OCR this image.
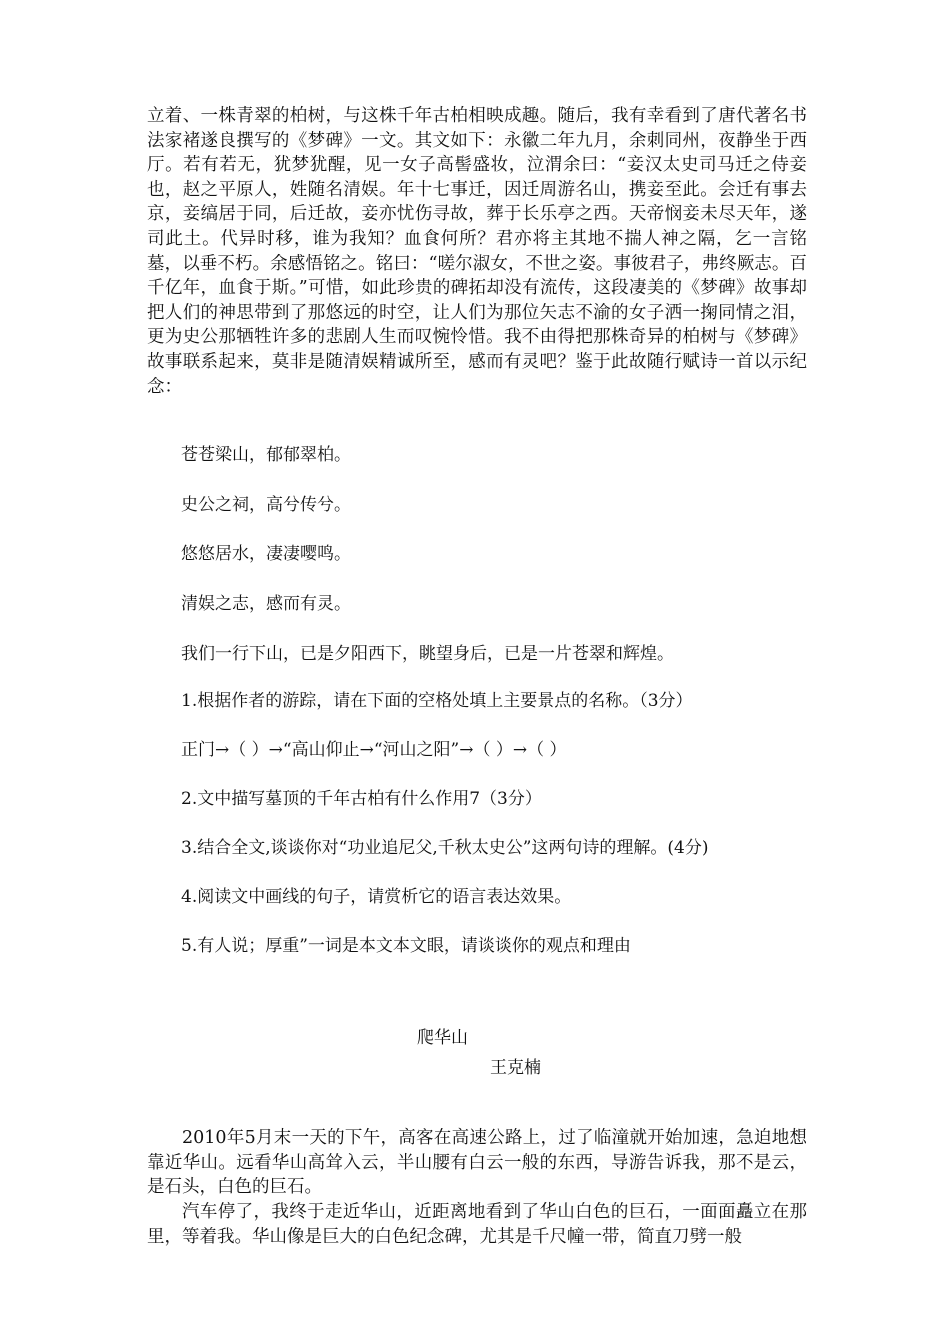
立着、一株青翠的柏树，与这株千年古柏相映成趣。随后，我有幸看到了唐代著名书法家褚遂良撰写的《梦碑》一文。其文如下：永徽二年九月，余刺同州，夜静坐于西厅。若有若无，犹梦犹醒，见一女子高髻盛妆，泣渭余曰：“妾汉太史司马迁之侍妾也，赵之平原人，姓随名清娱。年十七事迁，因迁周游名山，携妾至此。会迁有事去京，妾缟居于同，后迁故，妾亦忧伤寻故，葬于长乐亭之西。天帝悯妾未尽天年，遂司此土。代异时移，谁为我知？血食何所？君亦将主其地不揣人神之隔，乞一言铭墓，以垂不朽。余感悟铭之。铭曰：“嗟尔淑女，不世之姿。事彼君子，弗终厥志。百千亿年，血食于斯。”可惜，如此珍贵的碑拓却没有流传，这段凄美的《梦碑》故事却把人们的神思带到了那悠远的时空，让人们为那位矢志不渝的女子洒一掬同情之泪，更为史公那牺牲许多的悲剧人生而叹惋怜惜。我不由得把那株奇异的柏树与《梦碑》故事联系起来，莫非是随清娱精诚所至，感而有灵吧？鉴于此故随行赋诗一首以示纪念：

苍苍梁山，郁郁翠柏。

史公之祠，高兮传兮。

悠悠居水，凄凄嘤鸣。

清娱之志，感而有灵。

我们一行下山，已是夕阳西下，眺望身后，已是一片苍翠和辉煌。

1.根据作者的游踪，请在下面的空格处填上主要景点的名称。（3分）

正门→（ ）→“高山仰止→“河山之阳”→（ ）→（ ）

2.文中描写墓顶的千年古柏有什么作用7（3分）

3.结合全文,谈谈你对“功业追尼父,千秋太史公”这两句诗的理解。(4分)

4.阅读文中画线的句子，请赏析它的语言表达效果。

5.有人说；厚重”一词是本文本文眼，请谈谈你的观点和理由

爬华山

王克楠

2010年5月末一天的下午，高客在高速公路上，过了临潼就开始加速，急迫地想靠近华山。远看华山高耸入云，半山腰有白云一般的东西，导游告诉我，那不是云，是石头，白色的巨石。

汽车停了，我终于走近华山，近距离地看到了华山白色的巨石，一面面矗立在那里，等着我。华山像是巨大的白色纪念碑，尤其是千尺幢一带，简直刀劈一般
